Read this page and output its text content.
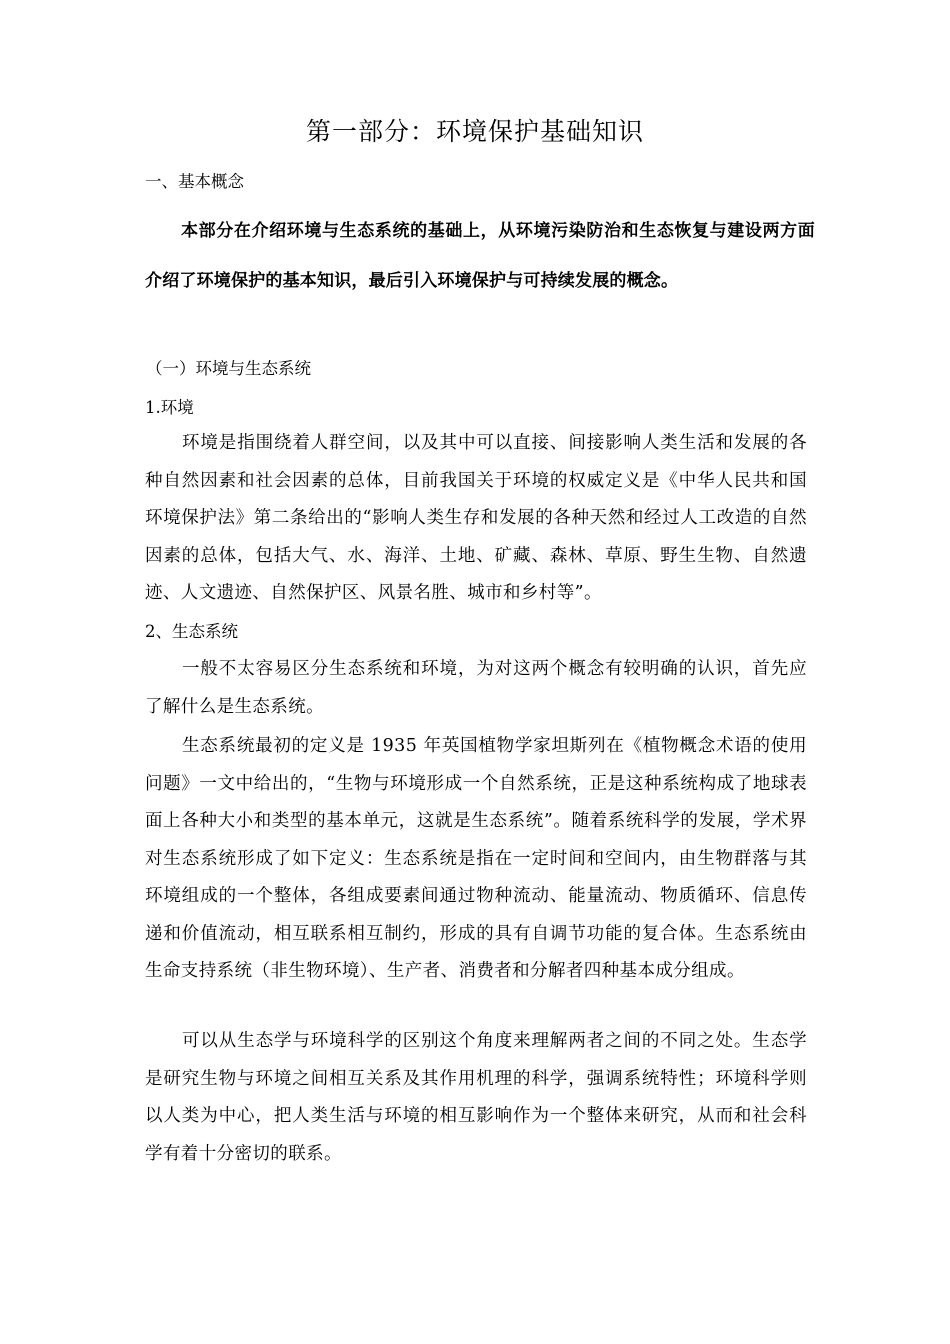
第一部分：环境保护基础知识
一、基本概念
本部分在介绍环境与生态系统的基础上，从环境污染防治和生态恢复与建设两方面介绍了环境保护的基本知识，最后引入环境保护与可持续发展的概念。
（一）环境与生态系统
1.环境
环境是指围绕着人群空间，以及其中可以直接、间接影响人类生活和发展的各种自然因素和社会因素的总体，目前我国关于环境的权威定义是《中华人民共和国环境保护法》第二条给出的“影响人类生存和发展的各种天然和经过人工改造的自然因素的总体，包括大气、水、海洋、土地、矿藏、森林、草原、野生生物、自然遗迹、人文遗迹、自然保护区、风景名胜、城市和乡村等”。
2、生态系统
一般不太容易区分生态系统和环境，为对这两个概念有较明确的认识，首先应了解什么是生态系统。
生态系统最初的定义是 1935 年英国植物学家坦斯列在《植物概念术语的使用问题》一文中给出的，“生物与环境形成一个自然系统，正是这种系统构成了地球表面上各种大小和类型的基本单元，这就是生态系统”。随着系统科学的发展，学术界对生态系统形成了如下定义：生态系统是指在一定时间和空间内，由生物群落与其环境组成的一个整体，各组成要素间通过物种流动、能量流动、物质循环、信息传递和价值流动，相互联系相互制约，形成的具有自调节功能的复合体。生态系统由生命支持系统（非生物环境）、生产者、消费者和分解者四种基本成分组成。
可以从生态学与环境科学的区别这个角度来理解两者之间的不同之处。生态学是研究生物与环境之间相互关系及其作用机理的科学，强调系统特性；环境科学则以人类为中心，把人类生活与环境的相互影响作为一个整体来研究，从而和社会科学有着十分密切的联系。
